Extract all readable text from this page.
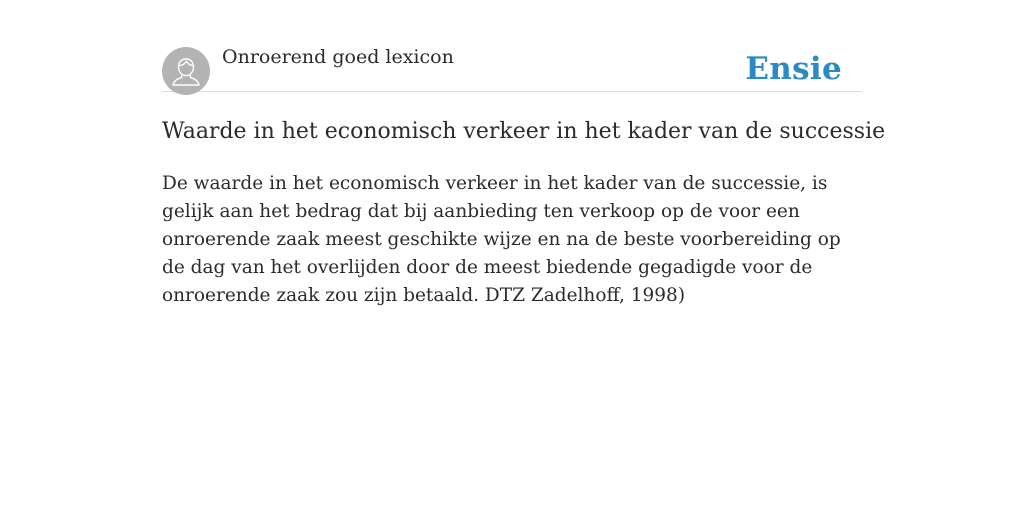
Onroerend goed lexicon	Ensie
Waarde in het economisch verkeer in het kader van de successie

De waarde in het economisch verkeer in het kader van de successie, is gelijk aan het bedrag dat bij aanbieding ten verkoop op de voor een onroerende zaak meest geschikte wijze en na de beste voorbereiding op de dag van het overlijden door de meest biedende gegadigde voor de onroerende zaak zou zijn betaald. DTZ Zadelhoff, 1998)
